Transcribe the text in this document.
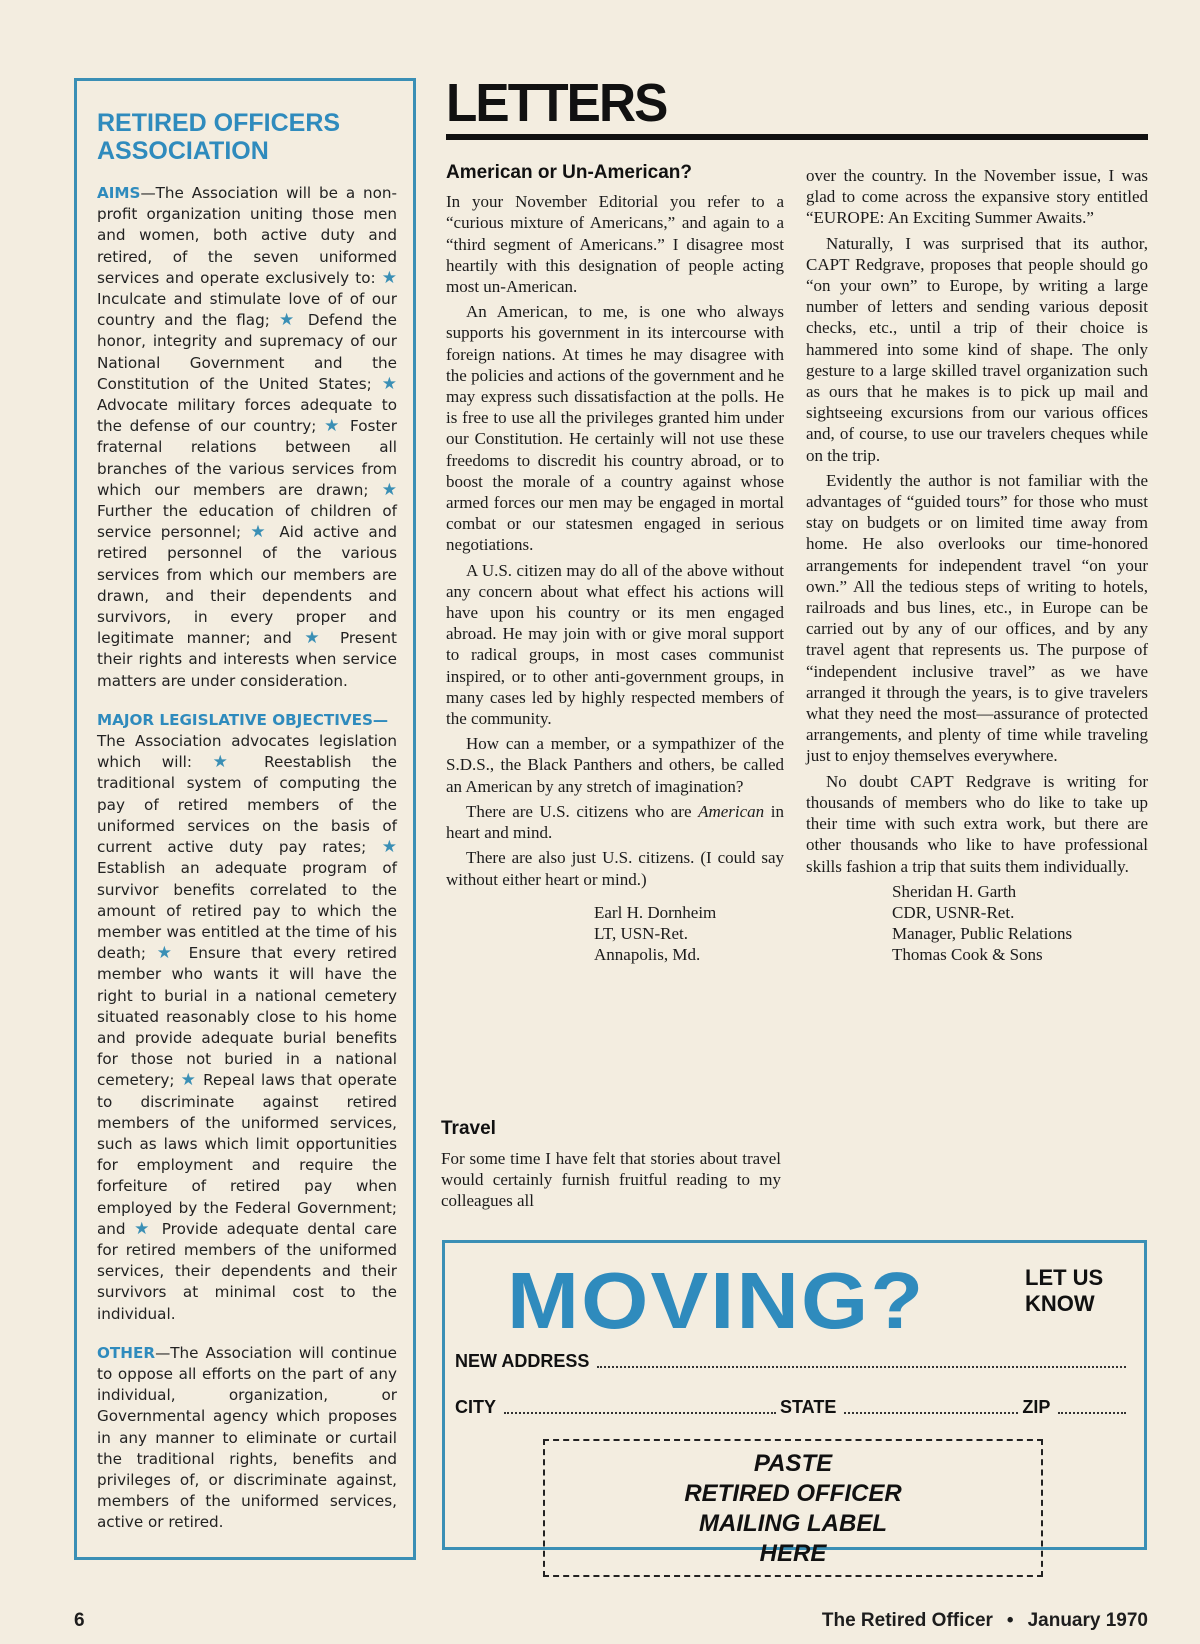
RETIRED OFFICERS ASSOCIATION

AIMS—The Association will be a non-profit organization uniting those men and women, both active duty and retired, of the seven uniformed services and operate exclusively to: ★ Inculcate and stimulate love of of our country and the flag; ★ Defend the honor, integrity and supremacy of our National Government and the Constitution of the United States; ★ Advocate military forces adequate to the defense of our country; ★ Foster fraternal relations between all branches of the various services from which our members are drawn; ★ Further the education of children of service personnel; ★ Aid active and retired personnel of the various services from which our members are drawn, and their dependents and survivors, in every proper and legitimate manner; and ★ Present their rights and interests when service matters are under consideration.

MAJOR LEGISLATIVE OBJECTIVES—
The Association advocates legislation which will: ★ Reestablish the traditional system of computing the pay of retired members of the uniformed services on the basis of current active duty pay rates; ★ Establish an adequate program of survivor benefits correlated to the amount of retired pay to which the member was entitled at the time of his death; ★ Ensure that every retired member who wants it will have the right to burial in a national cemetery situated reasonably close to his home and provide adequate burial benefits for those not buried in a national cemetery; ★ Repeal laws that operate to discriminate against retired members of the uniformed services, such as laws which limit opportunities for employment and require the forfeiture of retired pay when employed by the Federal Government; and ★ Provide adequate dental care for retired members of the uniformed services, their dependents and their survivors at minimal cost to the individual.

OTHER—The Association will continue to oppose all efforts on the part of any individual, organization, or Governmental agency which proposes in any manner to eliminate or curtail the traditional rights, benefits and privileges of, or discriminate against, members of the uniformed services, active or retired.

LETTERS
American or Un-American?

In your November Editorial you refer to a “curious mixture of Americans,” and again to a “third segment of Americans.” I disagree most heartily with this designation of people acting most un-American.

An American, to me, is one who always supports his government in its intercourse with foreign nations. At times he may disagree with the policies and actions of the government and he may express such dissatisfaction at the polls. He is free to use all the privileges granted him under our Constitution. He certainly will not use these freedoms to discredit his country abroad, or to boost the morale of a country against whose armed forces our men may be engaged in mortal combat or our statesmen engaged in serious negotiations.

A U.S. citizen may do all of the above without any concern about what effect his actions will have upon his country or its men engaged abroad. He may join with or give moral support to radical groups, in most cases communist inspired, or to other anti-government groups, in many cases led by highly respected members of the community.

How can a member, or a sympathizer of the S.D.S., the Black Panthers and others, be called an American by any stretch of imagination?

There are U.S. citizens who are American in heart and mind.

There are also just U.S. citizens. (I could say without either heart or mind.)

Earl H. Dornheim
LT, USN-Ret.
Annapolis, Md.
Travel

For some time I have felt that stories about travel would certainly furnish fruitful reading to my colleagues all

over the country. In the November issue, I was glad to come across the expansive story entitled “EUROPE: An Exciting Summer Awaits.”

Naturally, I was surprised that its author, CAPT Redgrave, proposes that people should go “on your own” to Europe, by writing a large number of letters and sending various deposit checks, etc., until a trip of their choice is hammered into some kind of shape. The only gesture to a large skilled travel organization such as ours that he makes is to pick up mail and sightseeing excursions from our various offices and, of course, to use our travelers cheques while on the trip.

Evidently the author is not familiar with the advantages of “guided tours” for those who must stay on budgets or on limited time away from home. He also overlooks our time-honored arrangements for independent travel “on your own.” All the tedious steps of writing to hotels, railroads and bus lines, etc., in Europe can be carried out by any of our offices, and by any travel agent that represents us. The purpose of “independent inclusive travel” as we have arranged it through the years, is to give travelers what they need the most—assurance of protected arrangements, and plenty of time while traveling just to enjoy themselves everywhere.

No doubt CAPT Redgrave is writing for thousands of members who do like to take up their time with such extra work, but there are other thousands who like to have professional skills fashion a trip that suits them individually.

Sheridan H. Garth
CDR, USNR-Ret.
Manager, Public Relations
Thomas Cook & Sons
MOVING?	LET US
KNOW
NEW ADDRESS
CITY	STATE	ZIP
PASTE
RETIRED OFFICER
MAILING LABEL
HERE
6	The Retired Officer • January 1970
